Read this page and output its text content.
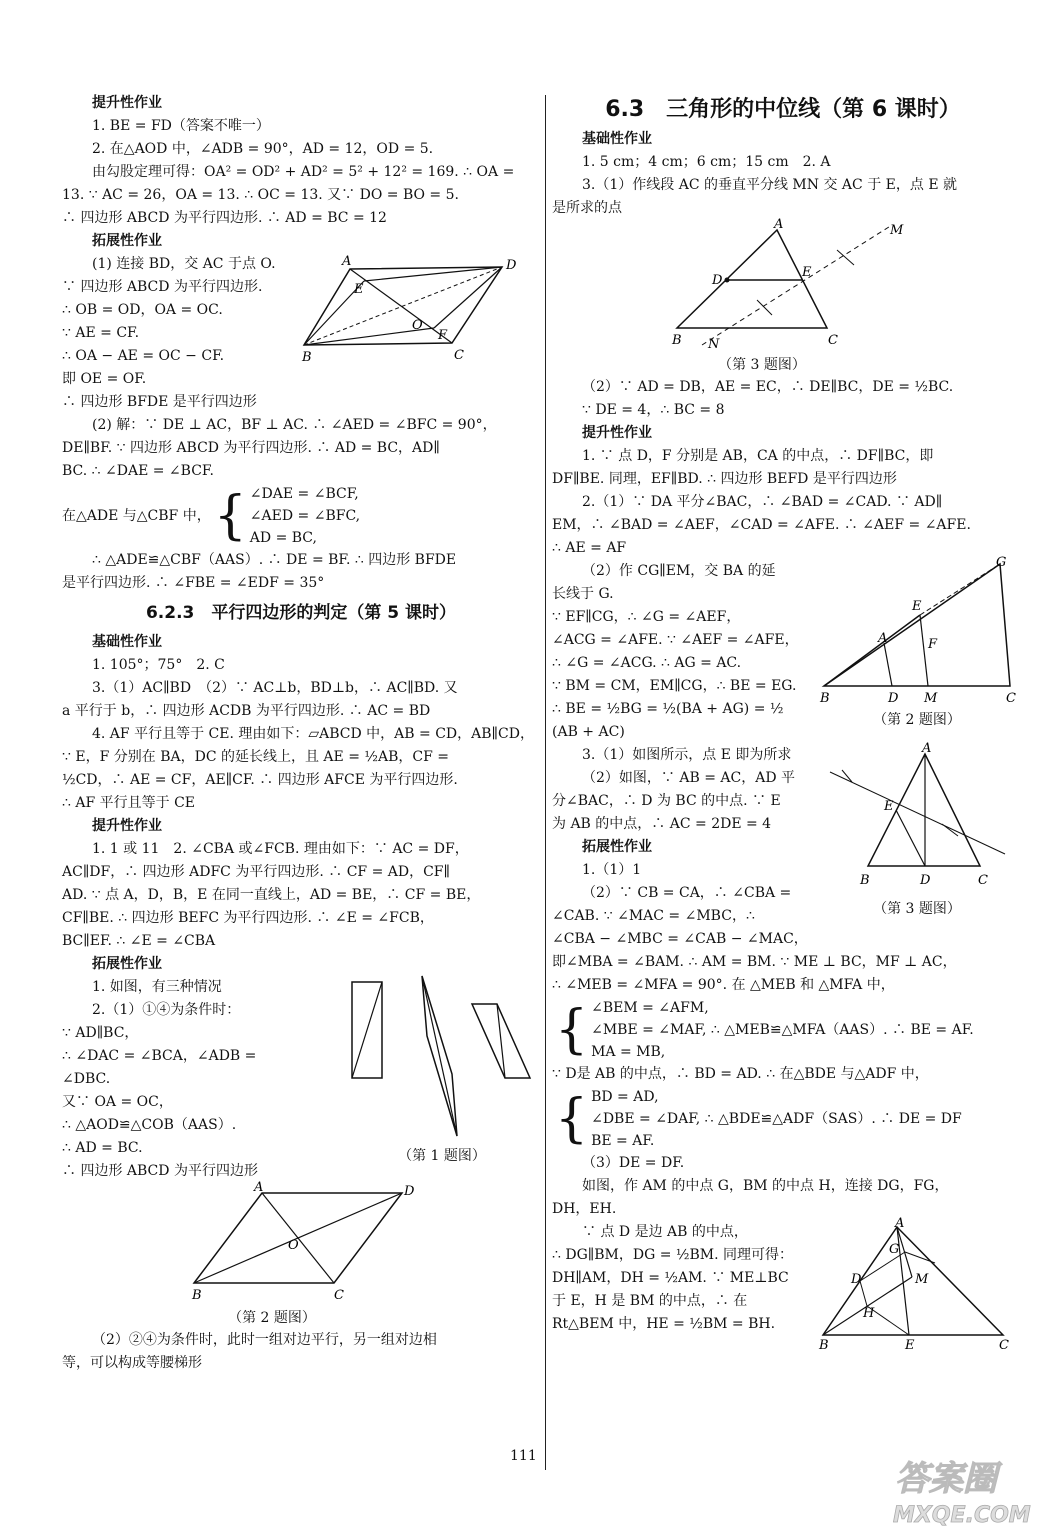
提升性作业
1. BE = FD（答案不唯一）
2. 在△AOD 中，∠ADB = 90°，AD = 12，OD = 5.
由勾股定理可得：OA² = OD² + AD² = 5² + 12² = 169. ∴ OA =
13. ∵ AC = 26，OA = 13. ∴ OC = 13. 又∵ DO = BO = 5.
∴ 四边形 ABCD 为平行四边形. ∴ AD = BC = 12
拓展性作业
(1) 连接 BD，交 AC 于点 O.
∵ 四边形 ABCD 为平行四边形.
∴ OB = OD，OA = OC.
∵ AE = CF.
∴ OA − AE = OC − CF.
即 OE = OF.
A	D
E
O
F
B	C
∴ 四边形 BFDE 是平行四边形
(2) 解：∵ DE ⊥ AC，BF ⊥ AC. ∴ ∠AED = ∠BFC = 90°，
DE∥BF. ∵ 四边形 ABCD 为平行四边形. ∴ AD = BC，AD∥
BC. ∴ ∠DAE = ∠BCF.
在△ADE 与△CBF 中， { ∠DAE = ∠BCF,
∠AED = ∠BFC,
AD = BC,
∴ △ADE≌△CBF（AAS）. ∴ DE = BF. ∴ 四边形 BFDE
是平行四边形. ∴ ∠FBE = ∠EDF = 35°
6.2.3　平行四边形的判定（第 5 课时）
基础性作业
1. 105°；75°　2. C
3.（1）AC∥BD　（2）∵ AC⊥b，BD⊥b，∴ AC∥BD. 又
a 平行于 b，∴ 四边形 ACDB 为平行四边形. ∴ AC = BD
4. AF 平行且等于 CE. 理由如下：▱ABCD 中，AB = CD，AB∥CD，
∵ E，F 分别在 BA，DC 的延长线上，且 AE = ½AB，CF =
½CD，∴ AE = CF，AE∥CF. ∴ 四边形 AFCE 为平行四边形.
∴ AF 平行且等于 CE
提升性作业
1. 1 或 11　2. ∠CBA 或∠FCB. 理由如下：∵ AC = DF，
AC∥DF，∴ 四边形 ADFC 为平行四边形. ∴ CF = AD，CF∥
AD. ∵ 点 A，D，B，E 在同一直线上，AD = BE，∴ CF = BE，
CF∥BE. ∴ 四边形 BEFC 为平行四边形. ∴ ∠E = ∠FCB，
BC∥EF. ∴ ∠E = ∠CBA
拓展性作业
1. 如图，有三种情况
2.（1）①④为条件时：
∵ AD∥BC，
∴ ∠DAC = ∠BCA，∠ADB =
∠DBC.
又∵ OA = OC，
∴ △AOD≌△COB（AAS）.
∴ AD = BC.
∴ 四边形 ABCD 为平行四边形
（第 1 题图）
A	D
O
B	C
（第 2 题图）
（2）②④为条件时，此时一组对边平行，另一组对边相
等，可以构成等腰梯形
6.3　三角形的中位线（第 6 课时）
基础性作业
1. 5 cm；4 cm；6 cm；15 cm　2. A
3.（1）作线段 AC 的垂直平分线 MN 交 AC 于 E，点 E 就
是所求的点
A
D
E
M
B	C
N
（第 3 题图）
（2）∵ AD = DB，AE = EC，∴ DE∥BC，DE = ½BC.
∵ DE = 4，∴ BC = 8
提升性作业
1. ∵ 点 D，F 分别是 AB，CA 的中点，∴ DF∥BC，即
DF∥BE. 同理，EF∥BD. ∴ 四边形 BEFD 是平行四边形
2.（1）∵ DA 平分∠BAC，∴ ∠BAD = ∠CAD. ∵ AD∥
EM，∴ ∠BAD = ∠AEF，∠CAD = ∠AFE. ∴ ∠AEF = ∠AFE.
∴ AE = AF
（2）作 CG∥EM，交 BA 的延
长线于 G.
∵ EF∥CG，∴ ∠G = ∠AEF，
∠ACG = ∠AFE. ∵ ∠AEF = ∠AFE，
∴ ∠G = ∠ACG. ∴ AG = AC.
∵ BM = CM，EM∥CG，∴ BE = EG.
∴ BE = ½BG = ½(BA + AG) = ½
(AB + AC)
G
E
A	F
B	D M	C
（第 2 题图）
3.（1）如图所示，点 E 即为所求
（2）如图，∵ AB = AC，AD 平
分∠BAC，∴ D 为 BC 的中点. ∵ E
为 AB 的中点，∴ AC = 2DE = 4
拓展性作业
1.（1）1
（2）∵ CB = CA，∴ ∠CBA =
∠CAB. ∵ ∠MAC = ∠MBC，∴
∠CBA − ∠MBC = ∠CAB − ∠MAC，
A
E
B	D	C
（第 3 题图）
即∠MBA = ∠BAM. ∴ AM = BM. ∵ ME ⊥ BC，MF ⊥ AC，
∴ ∠MEB = ∠MFA = 90°. 在 △MEB 和 △MFA 中，
{ ∠BEM = ∠AFM,
∠MBE = ∠MAF, ∴ △MEB≌△MFA（AAS）. ∴ BE = AF.
MA = MB,
∵ D是 AB 的中点，∴ BD = AD. ∴ 在△BDE 与△ADF 中，
{ BD = AD,
∠DBE = ∠DAF, ∴ △BDE≌△ADF（SAS）. ∴ DE = DF
BE = AF.
（3）DE = DF.
如图，作 AM 的中点 G，BM 的中点 H，连接 DG，FG，
DH，EH.
∵ 点 D 是边 AB 的中点，
∴ DG∥BM，DG = ½BM. 同理可得：
DH∥AM，DH = ½AM. ∵ ME⊥BC
于 E，H 是 BM 的中点，∴ 在
Rt△BEM 中，HE = ½BM = BH.
A
G
D	M
H
B	E	C
111
答案圈
MXQE.COM
